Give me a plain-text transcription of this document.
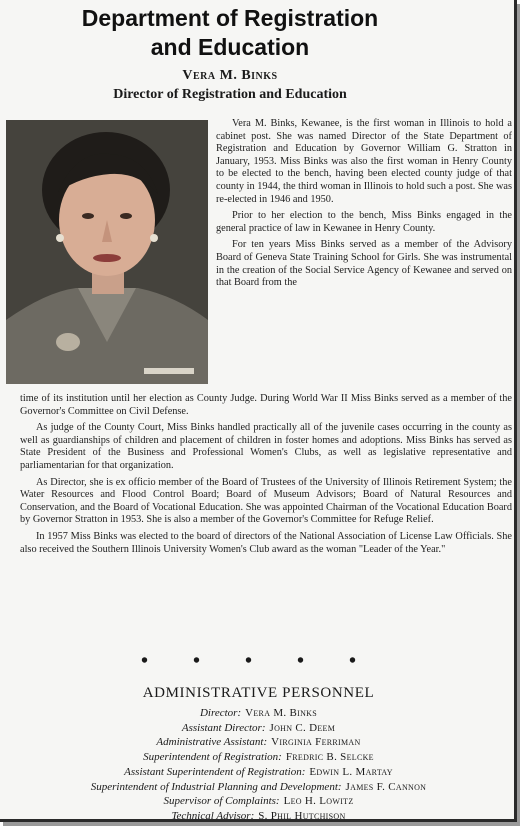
Department of Registration
and Education
Vera M. Binks
Director of Registration and Education

Vera M. Binks, Kewanee, is the first woman in Illinois to hold a cabinet post. She was named Director of the State Department of Registration and Education by Governor William G. Stratton in January, 1953. Miss Binks was also the first woman in Henry County to be elected to the bench, having been elected county judge of that county in 1944, the third woman in Illinois to hold such a post. She was re-elected in 1946 and 1950.

Prior to her election to the bench, Miss Binks engaged in the general practice of law in Kewanee in Henry County.

For ten years Miss Binks served as a member of the Advisory Board of Geneva State Training School for Girls. She was instrumental in the creation of the Social Service Agency of Kewanee and served on that Board from the

time of its institution until her election as County Judge. During World War II Miss Binks served as a member of the Governor's Committee on Civil Defense.

As judge of the County Court, Miss Binks handled practically all of the juvenile cases occurring in the county as well as guardianships of children and placement of children in foster homes and adoptions. Miss Binks has served as State President of the Business and Professional Women's Clubs, as well as legislative representative and parliamentarian for that organization.

As Director, she is ex officio member of the Board of Trustees of the University of Illinois Retirement System; the Water Resources and Flood Control Board; Board of Museum Advisors; Board of Natural Resources and Conservation, and the Board of Vocational Education. She was appointed Chairman of the Vocational Education Board by Governor Stratton in 1953. She is also a member of the Governor's Committee for Refuge Relief.

In 1957 Miss Binks was elected to the board of directors of the National Association of License Law Officials. She also received the Southern Illinois University Women's Club award as the woman "Leader of the Year."

• • • • •
ADMINISTRATIVE PERSONNEL
Director: Vera M. Binks
Assistant Director: John C. Deem
Administrative Assistant: Virginia Ferriman
Superintendent of Registration: Fredric B. Selcke
Assistant Superintendent of Registration: Edwin L. Martay
Superintendent of Industrial Planning and Development: James F. Cannon
Supervisor of Complaints: Leo H. Lowitz
Technical Advisor: S. Phil Hutchison
